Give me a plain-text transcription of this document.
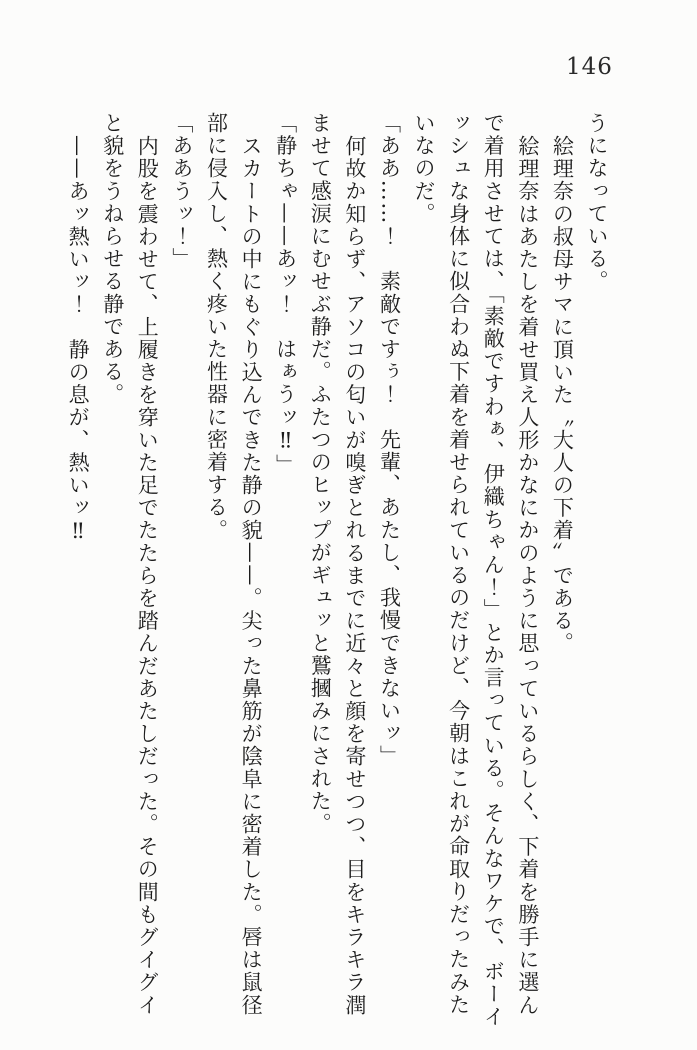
146
うになっている。
絵理奈の叔母サマに頂いた〝大人の下着〟である。
絵理奈はあたしを着せ買え人形かなにかのように思っているらしく、下着を勝手に選ん
で着用させては、「素敵ですわぁ、伊織ちゃん！」とか言っている。そんなワケで、ボーイ
ッシュな身体に似合わぬ下着を着せられているのだけど、今朝はこれが命取りだったみた
いなのだ。
「ああ……！　素敵ですぅ！　先輩、あたし、我慢できないッ」
何故か知らず、アソコの匂いが嗅ぎとれるまでに近々と顔を寄せつつ、目をキラキラ潤
ませて感涙にむせぶ静だ。ふたつのヒップがギュッと鷲摑みにされた。
「静ちゃ——あッ！　はぁうッ‼」
スカートの中にもぐり込んできた静の貌——。尖った鼻筋が陰阜に密着した。唇は鼠径
部に侵入し、熱く疼いた性器に密着する。
「ああうッ！」
内股を震わせて、上履きを穿いた足でたたらを踏んだあたしだった。その間もグイグイ
と貌をうねらせる静である。
——あッ熱いッ！　静の息が、熱いッ‼
